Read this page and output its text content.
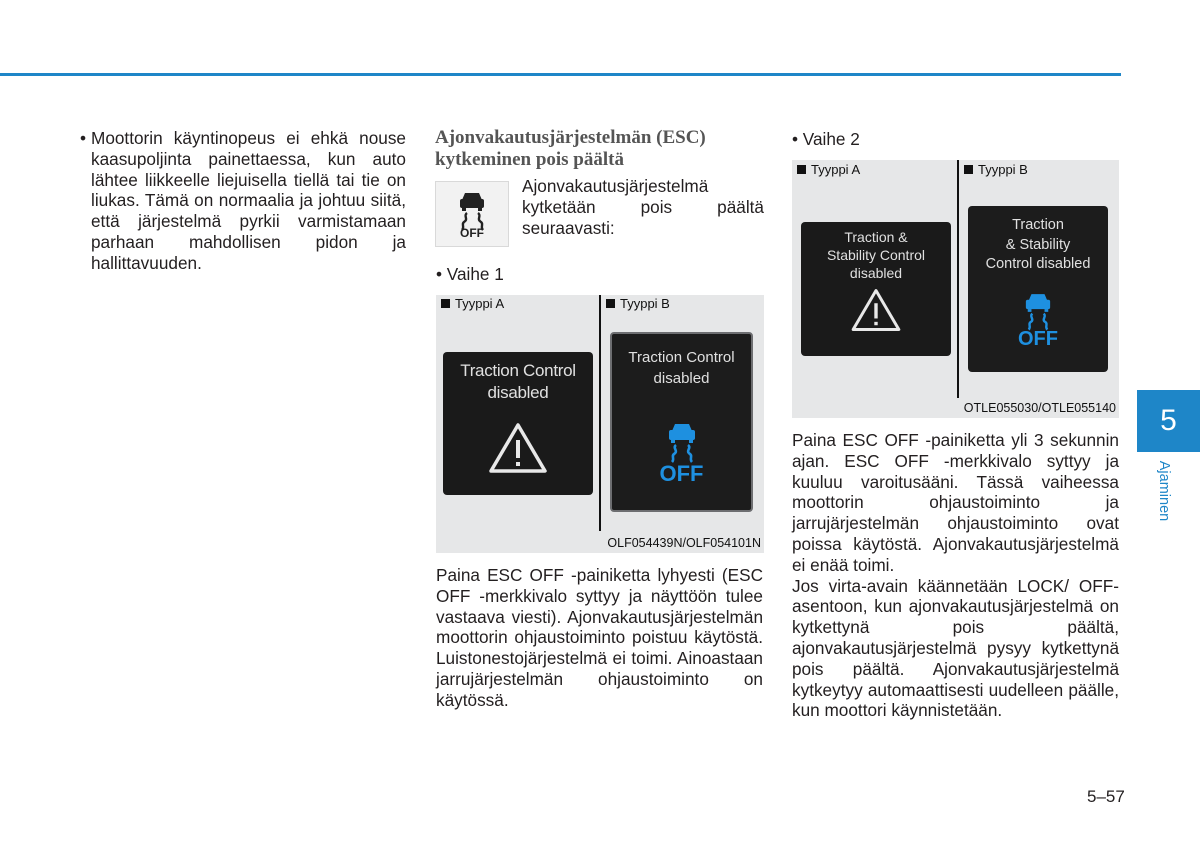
• Moottorin käyntinopeus ei ehkä nouse kaasupoljinta painettaessa, kun auto lähtee liikkeelle liejuisella tiellä tai tie on liukas. Tämä on normaalia ja johtuu siitä, että järjestelmä pyrkii varmistamaan parhaan mahdollisen pidon ja hallittavuuden.
Ajonvakautusjärjestelmän (ESC)
kytkeminen pois päältä
OFF
Ajonvakautusjärjestelmä kytketään pois päältä seuraavasti:
• Vaihe 1
Tyyppi A	Tyyppi B
Traction Control
disabled
Traction Control
disabled
OFF
OLF054439N/OLF054101N
Paina ESC OFF -painiketta lyhyesti (ESC OFF -merkkivalo syttyy ja näyttöön tulee vastaava viesti). Ajonvakautusjärjestelmän moottorin ohjaustoiminto poistuu käytöstä. Luistonestojärjestelmä ei toimi. Ainoastaan jarrujärjestelmän ohjaustoiminto on käytössä.
• Vaihe 2
Tyyppi A	Tyyppi B
Traction &
Stability Control
disabled
Traction
& Stability
Control disabled
OFF
OTLE055030/OTLE055140

Paina ESC OFF -painiketta yli 3 sekunnin ajan. ESC OFF -merkkivalo syttyy ja kuuluu varoitusääni. Tässä vaiheessa moottorin ohjaustoiminto ja jarrujärjestelmän ohjaustoiminto ovat poissa käytöstä. Ajonvakautusjärjestelmä ei enää toimi.

Jos virta-avain käännetään LOCK/ OFF-asentoon, kun ajonvakautusjärjestelmä on kytkettynä pois päältä, ajonvakautusjärjestelmä pysyy kytkettynä pois päältä. Ajonvakautusjärjestelmä kytkeytyy automaattisesti uudelleen päälle, kun moottori käynnistetään.

5
Ajaminen
5–57
